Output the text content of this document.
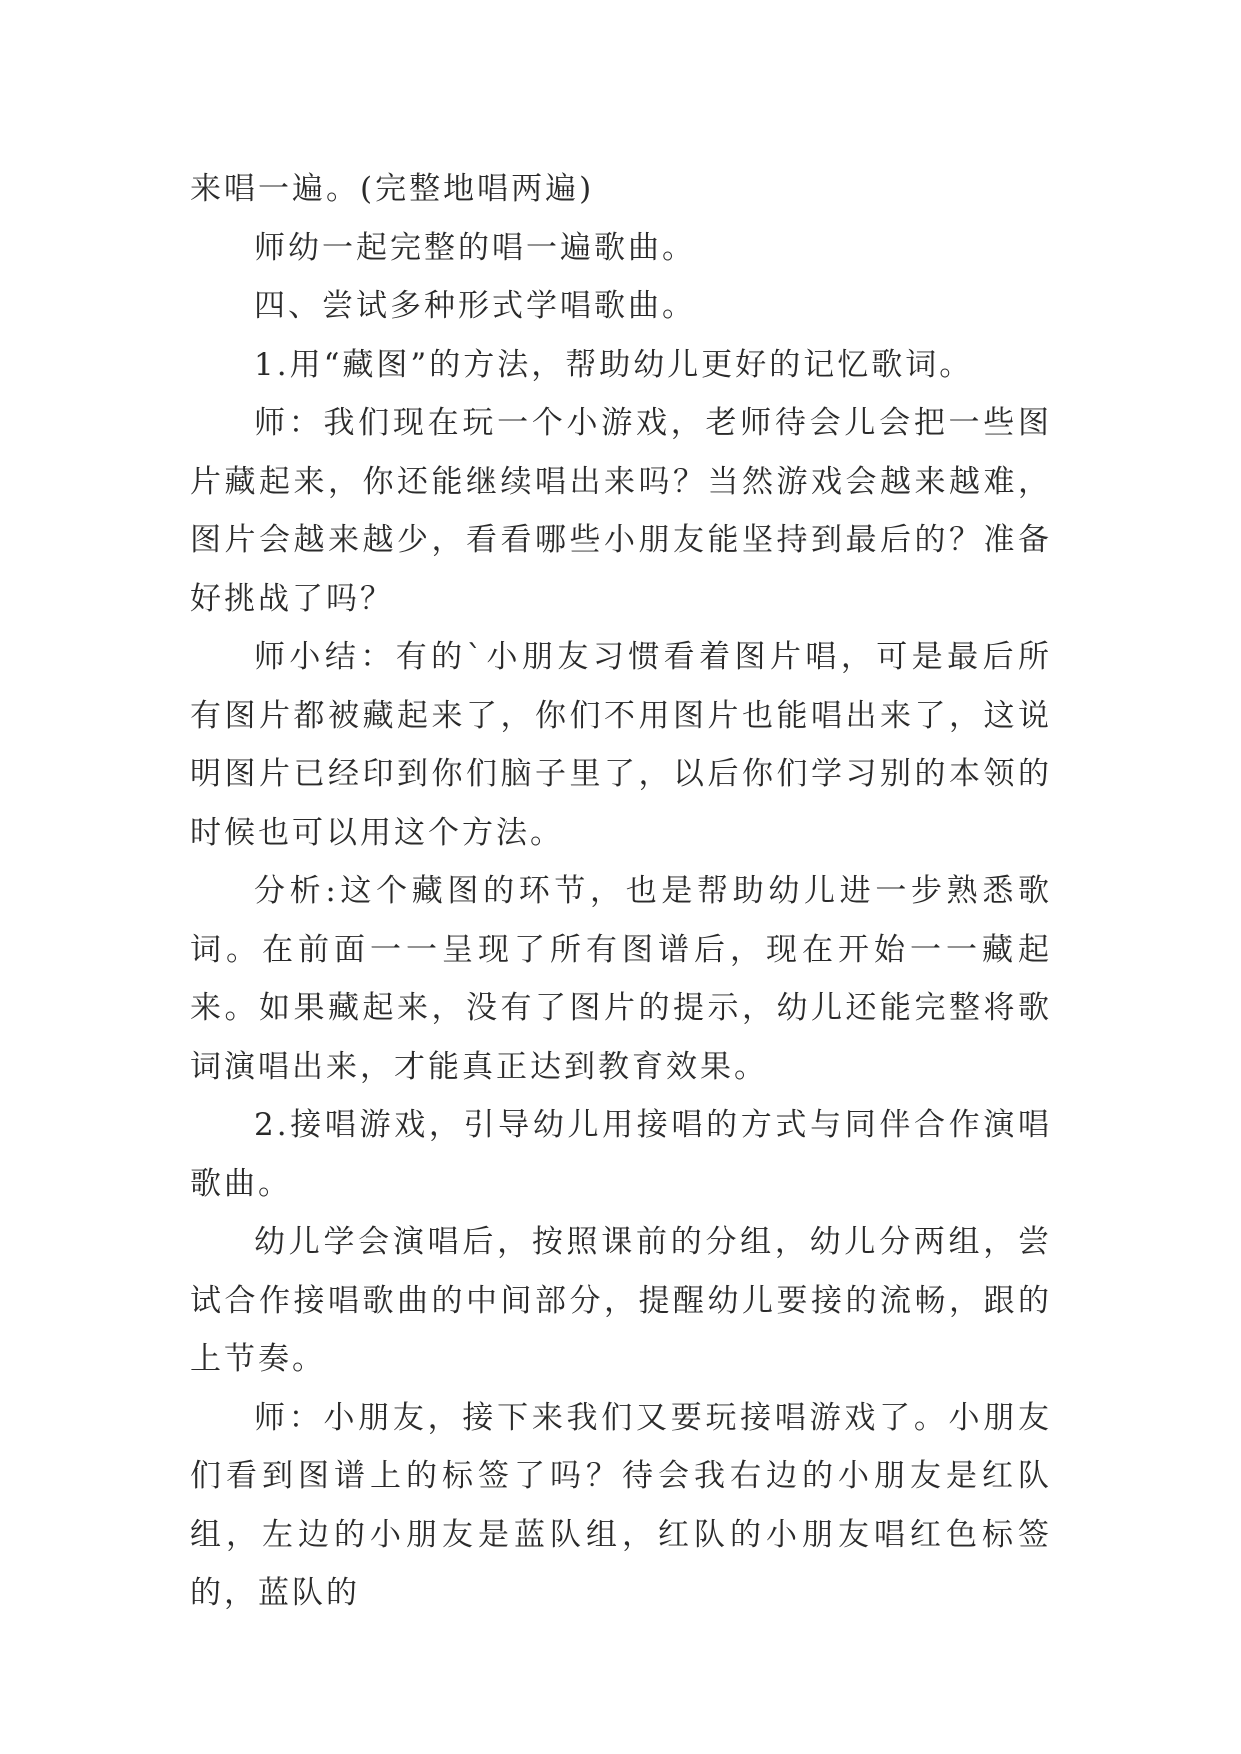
来唱一遍。(完整地唱两遍)

师幼一起完整的唱一遍歌曲。

四、尝试多种形式学唱歌曲。

1.用“藏图”的方法，帮助幼儿更好的记忆歌词。

师：我们现在玩一个小游戏，老师待会儿会把一些图片藏起来，你还能继续唱出来吗？当然游戏会越来越难，图片会越来越少，看看哪些小朋友能坚持到最后的？准备好挑战了吗？

师小结：有的`小朋友习惯看着图片唱，可是最后所有图片都被藏起来了，你们不用图片也能唱出来了，这说明图片已经印到你们脑子里了，以后你们学习别的本领的时候也可以用这个方法。

分析:这个藏图的环节，也是帮助幼儿进一步熟悉歌词。在前面一一呈现了所有图谱后，现在开始一一藏起来。如果藏起来，没有了图片的提示，幼儿还能完整将歌词演唱出来，才能真正达到教育效果。

2.接唱游戏，引导幼儿用接唱的方式与同伴合作演唱歌曲。

幼儿学会演唱后，按照课前的分组，幼儿分两组，尝试合作接唱歌曲的中间部分，提醒幼儿要接的流畅，跟的上节奏。

师：小朋友，接下来我们又要玩接唱游戏了。小朋友们看到图谱上的标签了吗？待会我右边的小朋友是红队组，左边的小朋友是蓝队组，红队的小朋友唱红色标签的，蓝队的
